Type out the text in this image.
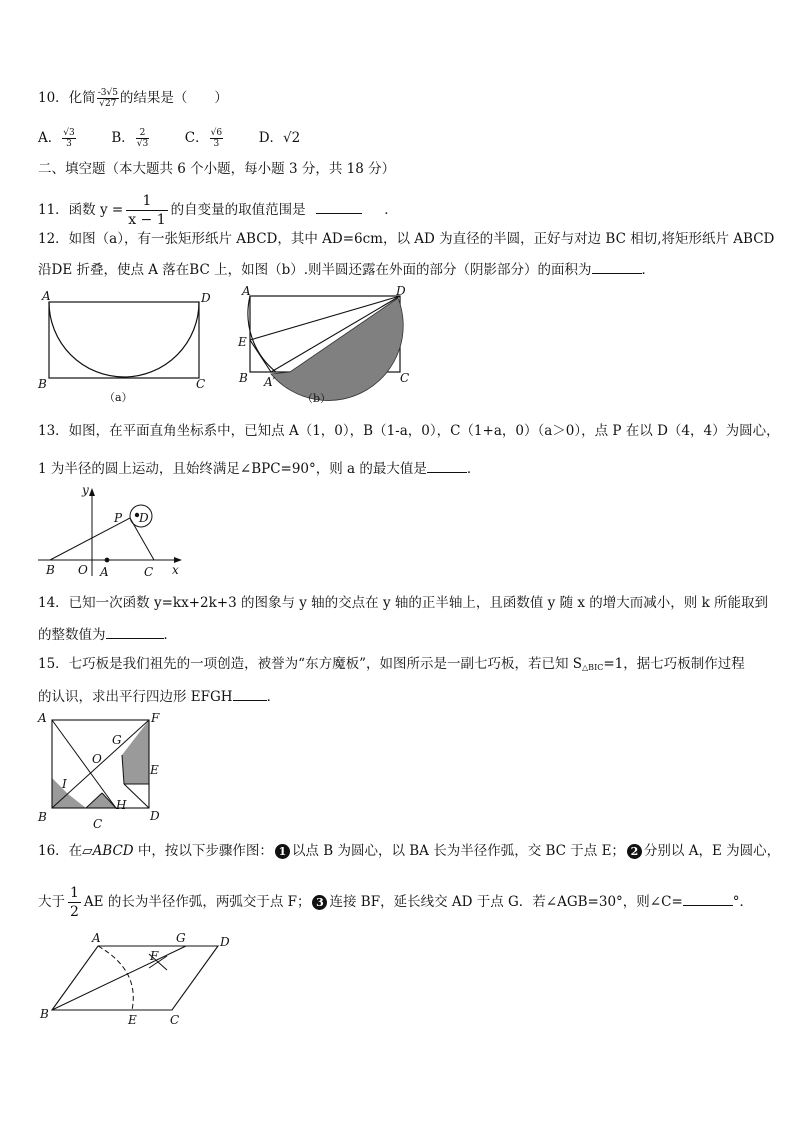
10．化简 $\frac{-3√5}{√27}$ 的结果是（　　）
A． $\frac{√3}{3}$	B． $\frac{2}{√3}$	C． $\frac{√6}{3}$	D．√2
二、填空题（本大题共 6 个小题，每小题 3 分，共 18 分）
11．函数 $y = \frac{1}{x - 1}$ 的自变量的取值范围是	．
12．如图（a），有一张矩形纸片 ABCD，其中 AD=6cm，以 AD 为直径的半圆，正好与对边 BC 相切,将矩形纸片 ABCD
沿DE 折叠，使点 A 落在BC 上，如图（b）.则半圆还露在外面的部分（阴影部分）的面积为	．
A	D
B	C
（a）
A	D
E
B A′	C
（b）
13．如图，在平面直角坐标系中，已知点 A（1，0），B（1-a，0），C（1+a，0）（a＞0），点 P 在以 D（4，4）为圆心，
1 为半径的圆上运动，且始终满足∠BPC=90°，则 a 的最大值是	．
y
x
P D
B O A	C
14．已知一次函数 y=kx+2k+3 的图象与 y 轴的交点在 y 轴的正半轴上，且函数值 y 随 x 的增大而减小，则 k 所能取到
的整数值为	．
15．七巧板是我们祖先的一项创造，被誉为“东方魔板”，如图所示是一副七巧板，若已知 $S_{\triangle BIC}=1$，据七巧板制作过程
的认识，求出平行四边形 EFGH	．
A	F
G
O
E
I
H
B	C
D
16．在▱ABCD 中，按以下步骤作图： 1 以点 B 为圆心，以 BA 长为半径作弧，交 BC 于点 E； 2 分别以 A，E 为圆心，
大于 $\frac{1}{2}$ AE 的长为半径作弧，两弧交于点 F； 3 连接 BF，延长线交 AD 于点 G．若∠AGB=30°，则∠C=	°．
A	G	D
F
B	E	C
